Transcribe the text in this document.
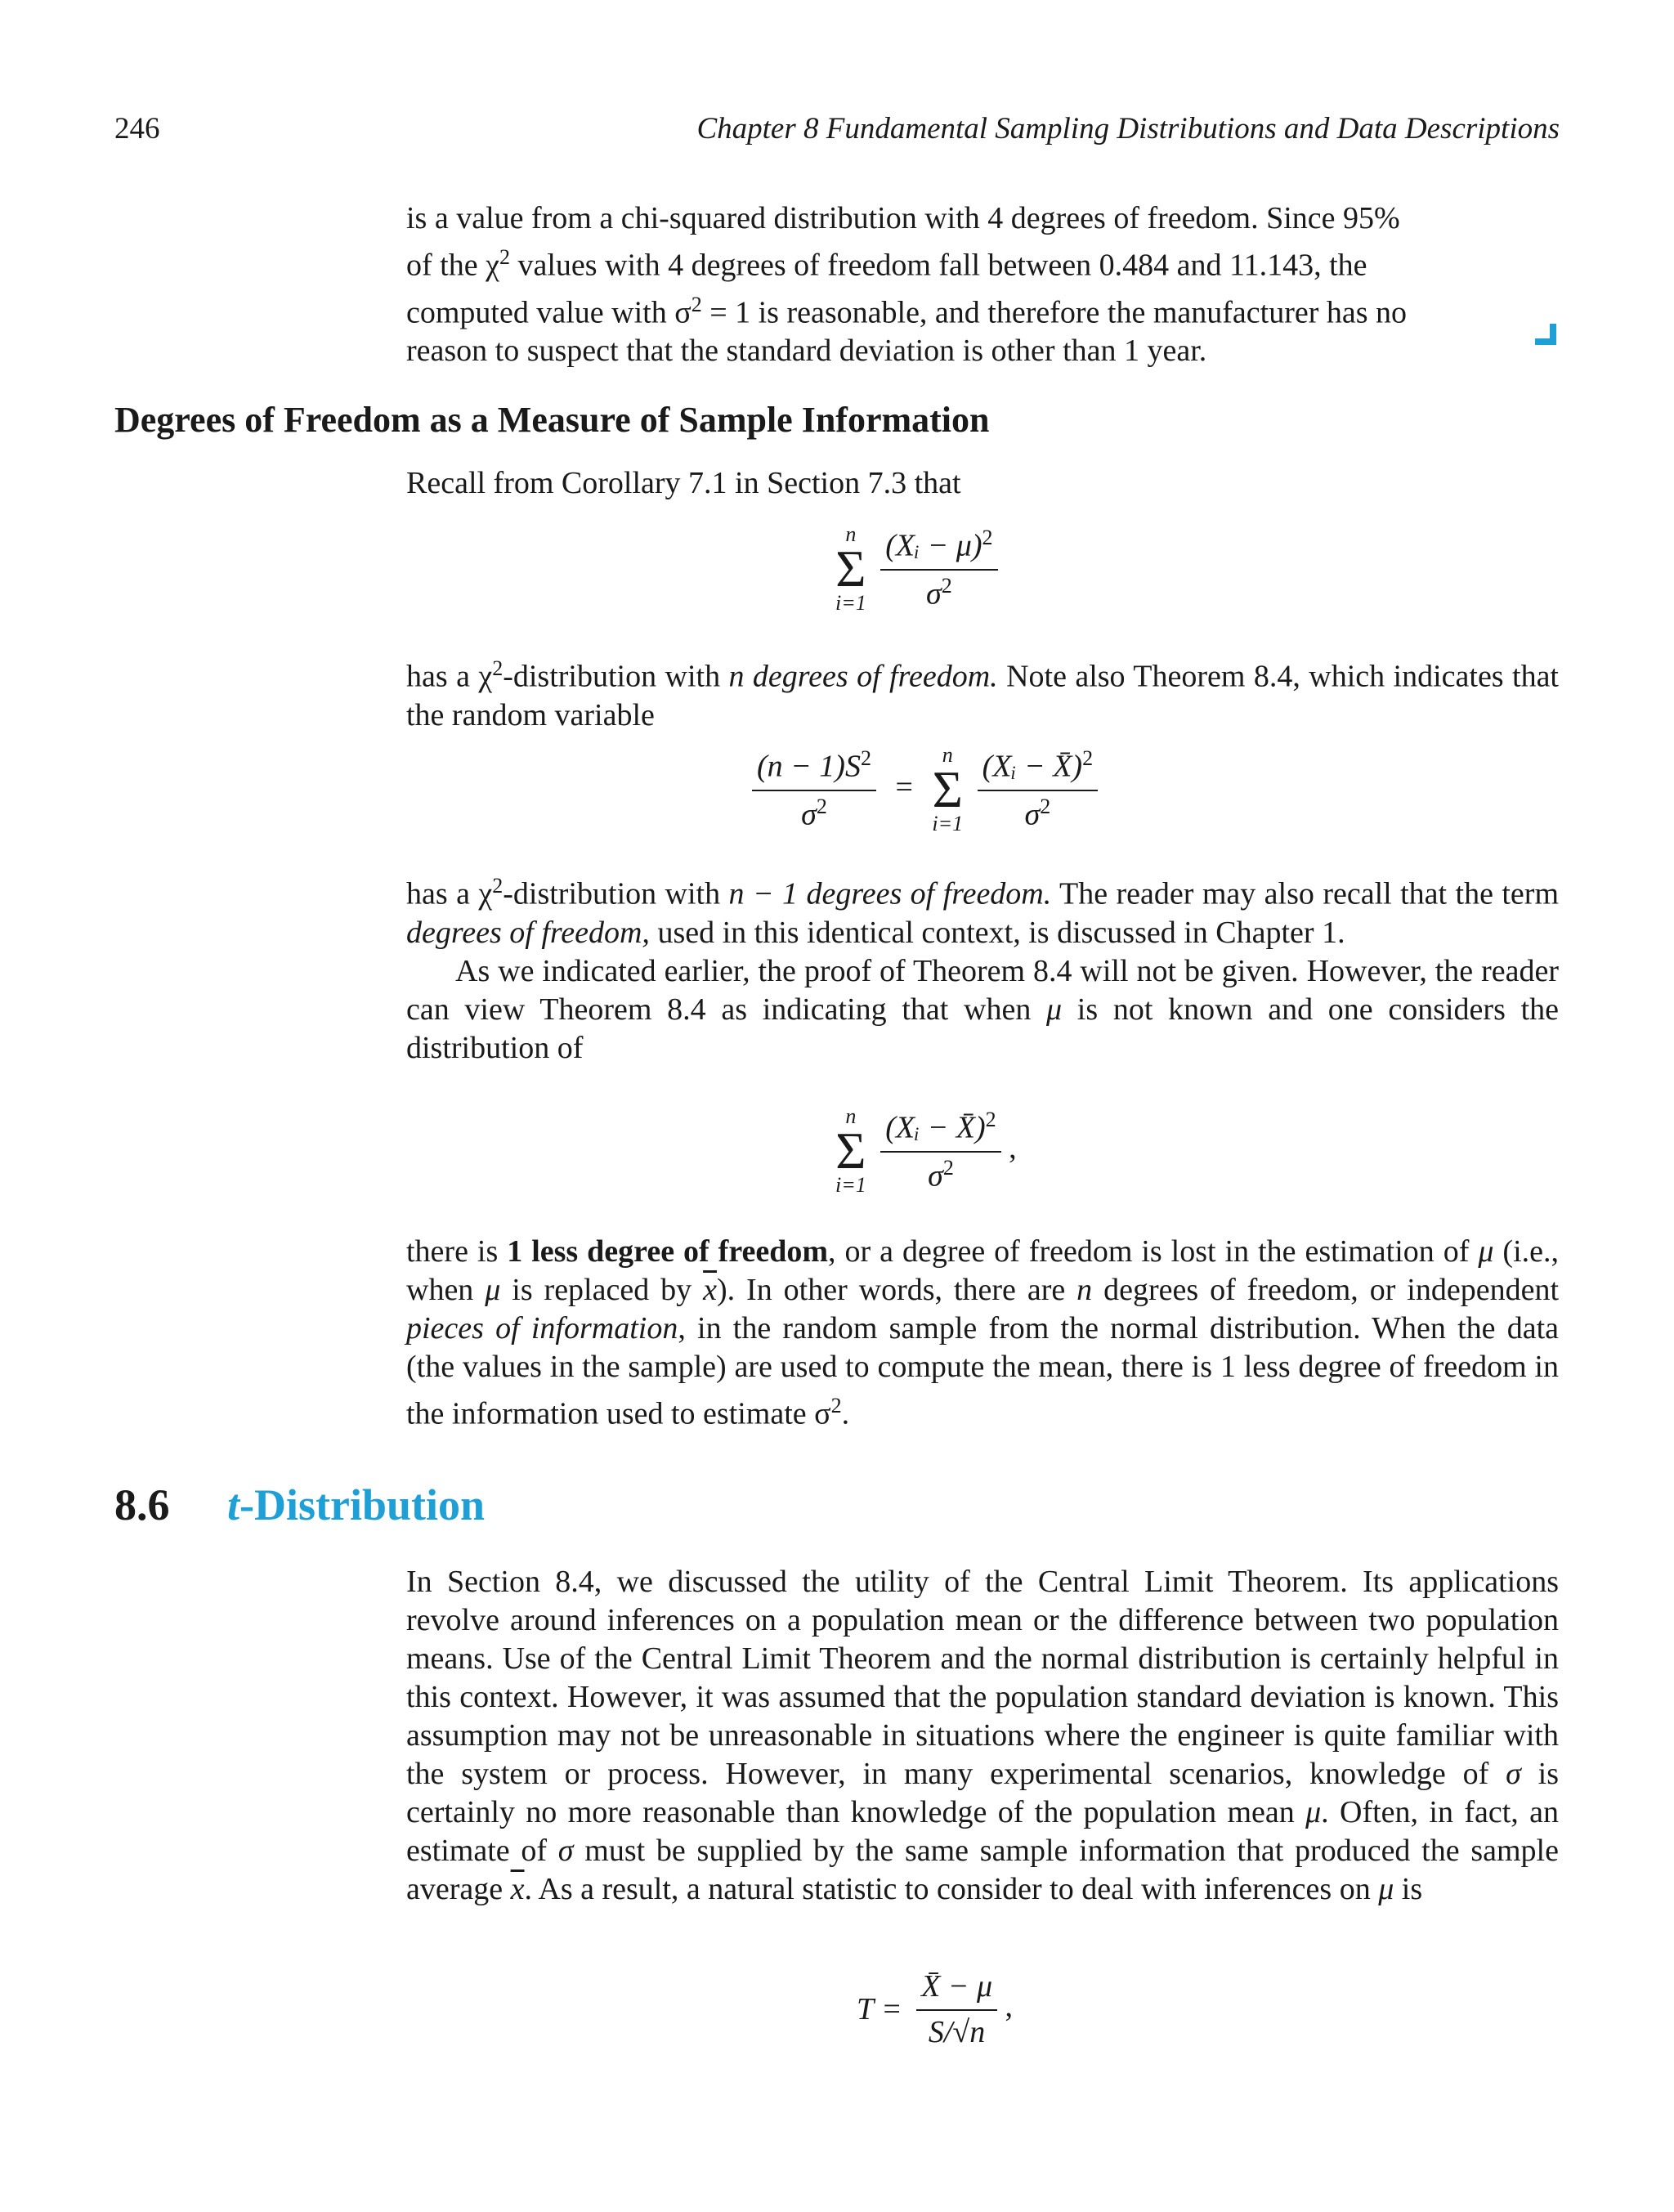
246	Chapter 8 Fundamental Sampling Distributions and Data Descriptions

is a value from a chi-squared distribution with 4 degrees of freedom. Since 95%

of the $\chi^2$ values with 4 degrees of freedom fall between 0.484 and 11.143, the

computed value with $\sigma^2 = 1$ is reasonable, and therefore the manufacturer has no

reason to suspect that the standard deviation is other than 1 year.

Degrees of Freedom as a Measure of Sample Information
Recall from Corollary 7.1 in Section 7.3 that
n
Σ
i=1
$\frac{(Xᵢ - \mu)^2}{\sigma^2}$

has a $\chi^2$-distribution with n degrees of freedom. Note also Theorem 8.4, which indicates that the random variable

$\frac{(n - 1)S^2}{\sigma^2}$ =
n
Σ
i=1
$\frac{(Xᵢ - X̄)^2}{\sigma^2}$

has a $\chi^2$-distribution with n − 1 degrees of freedom. The reader may also recall that the term degrees of freedom, used in this identical context, is discussed in Chapter 1.

As we indicated earlier, the proof of Theorem 8.4 will not be given. However, the reader can view Theorem 8.4 as indicating that when μ is not known and one considers the distribution of

n
Σ
i=1
$\frac{(Xᵢ - X̄)^2}{\sigma^2}$ ,

there is 1 less degree of freedom, or a degree of freedom is lost in the estimation of μ (i.e., when μ is replaced by $\overline{x}$). In other words, there are n degrees of freedom, or independent pieces of information, in the random sample from the normal distribution. When the data (the values in the sample) are used to compute the mean, there is 1 less degree of freedom in the information used to estimate $\sigma^2$.

8.6 t-Distribution

In Section 8.4, we discussed the utility of the Central Limit Theorem. Its applications revolve around inferences on a population mean or the difference between two population means. Use of the Central Limit Theorem and the normal distribution is certainly helpful in this context. However, it was assumed that the population standard deviation is known. This assumption may not be unreasonable in situations where the engineer is quite familiar with the system or process. However, in many experimental scenarios, knowledge of σ is certainly no more reasonable than knowledge of the population mean μ. Often, in fact, an estimate of σ must be supplied by the same sample information that produced the sample average $\overline{x}$. As a result, a natural statistic to consider to deal with inferences on μ is

$T = \frac{X̄ - \mu}{S/√n}$ ,
